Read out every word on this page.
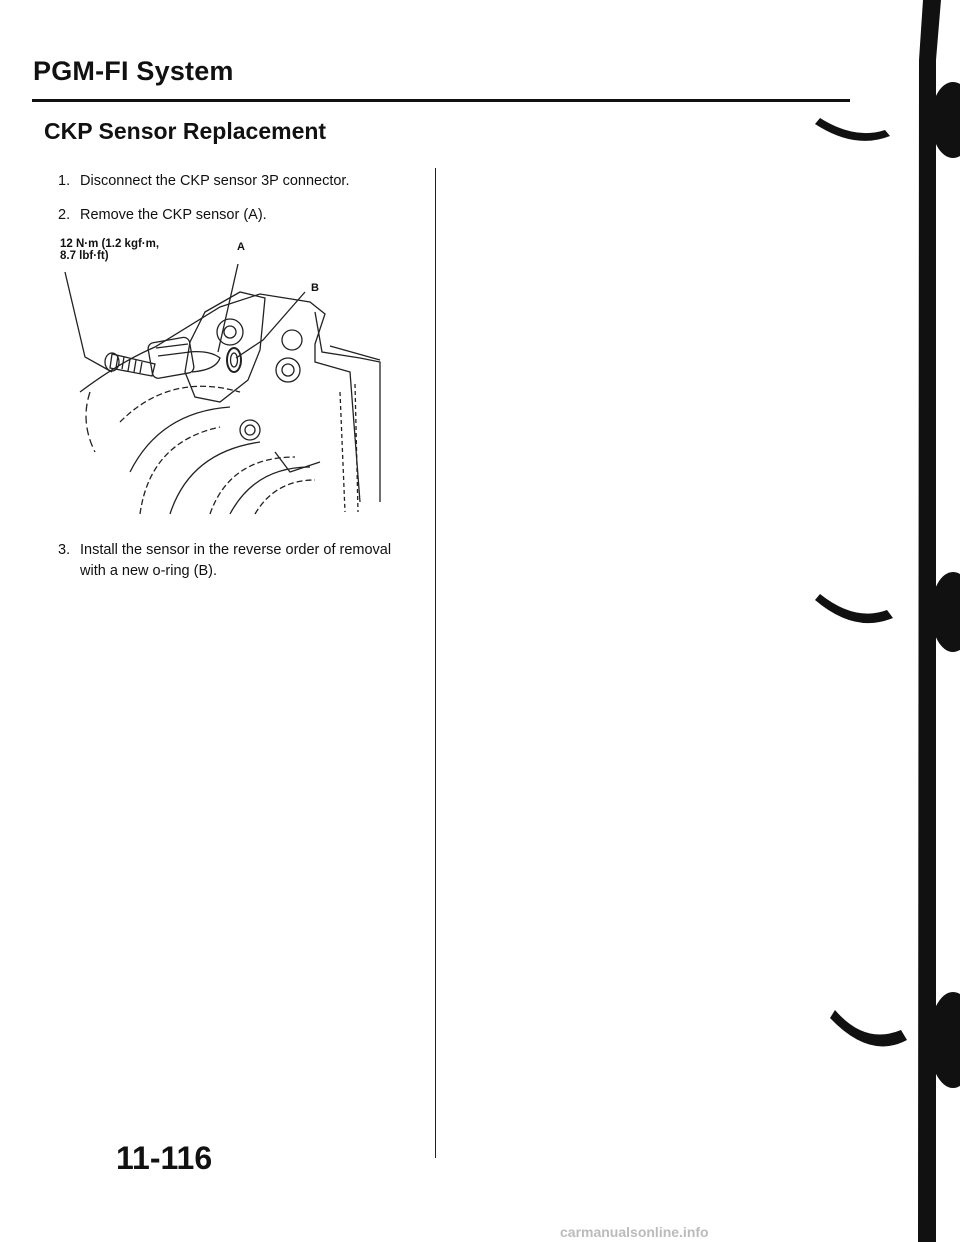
PGM-FI System
CKP Sensor Replacement
1. Disconnect the CKP sensor 3P connector.
2. Remove the CKP sensor (A).
12 N·m (1.2 kgf·m,
8.7 lbf·ft)
A
B
3. Install the sensor in the reverse order of removal with a new o-ring (B).
11-116
carmanualsonline.info
